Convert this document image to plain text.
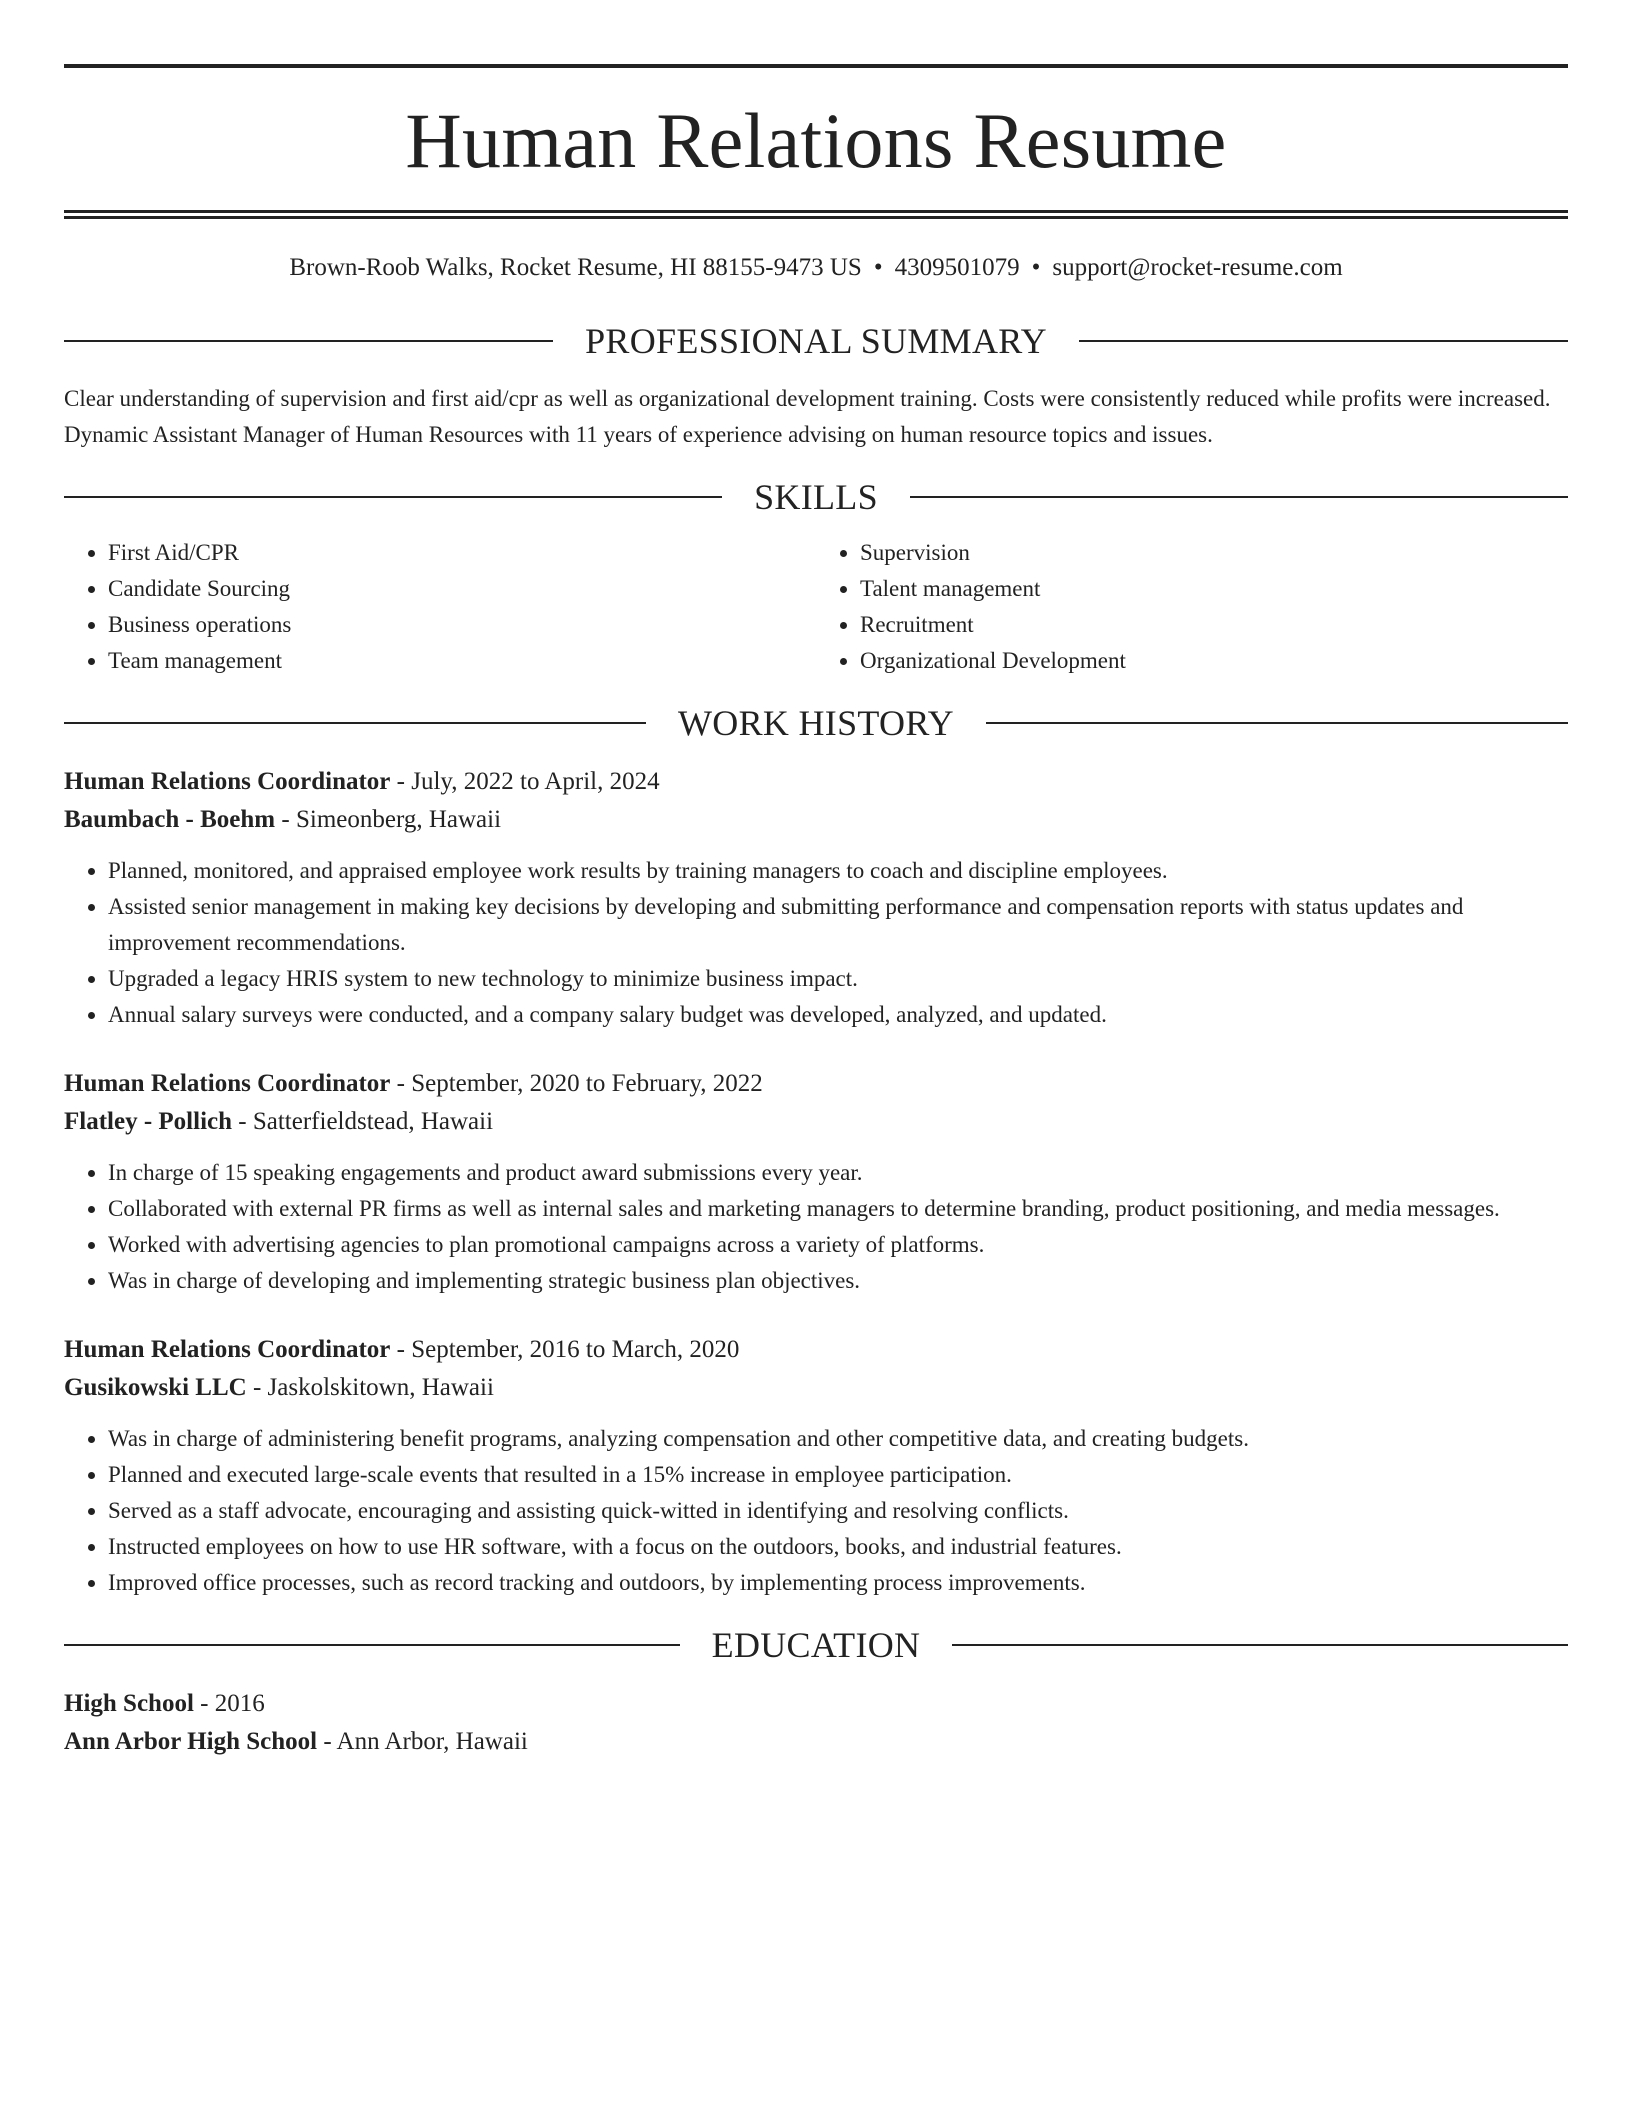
Human Relations Resume
Brown-Roob Walks, Rocket Resume, HI 88155-9473 US • 4309501079 • support@rocket-resume.com
PROFESSIONAL SUMMARY
Clear understanding of supervision and first aid/cpr as well as organizational development training. Costs were consistently reduced while profits were increased. Dynamic Assistant Manager of Human Resources with 11 years of experience advising on human resource topics and issues.
SKILLS
• First Aid/CPR
• Candidate Sourcing
• Business operations
• Team management
• Supervision
• Talent management
• Recruitment
• Organizational Development
WORK HISTORY
Human Relations Coordinator - July, 2022 to April, 2024
Baumbach - Boehm - Simeonberg, Hawaii
• Planned, monitored, and appraised employee work results by training managers to coach and discipline employees.
• Assisted senior management in making key decisions by developing and submitting performance and compensation reports with status updates and improvement recommendations.
• Upgraded a legacy HRIS system to new technology to minimize business impact.
• Annual salary surveys were conducted, and a company salary budget was developed, analyzed, and updated.
Human Relations Coordinator - September, 2020 to February, 2022
Flatley - Pollich - Satterfieldstead, Hawaii
• In charge of 15 speaking engagements and product award submissions every year.
• Collaborated with external PR firms as well as internal sales and marketing managers to determine branding, product positioning, and media messages.
• Worked with advertising agencies to plan promotional campaigns across a variety of platforms.
• Was in charge of developing and implementing strategic business plan objectives.
Human Relations Coordinator - September, 2016 to March, 2020
Gusikowski LLC - Jaskolskitown, Hawaii
• Was in charge of administering benefit programs, analyzing compensation and other competitive data, and creating budgets.
• Planned and executed large-scale events that resulted in a 15% increase in employee participation.
• Served as a staff advocate, encouraging and assisting quick-witted in identifying and resolving conflicts.
• Instructed employees on how to use HR software, with a focus on the outdoors, books, and industrial features.
• Improved office processes, such as record tracking and outdoors, by implementing process improvements.
EDUCATION
High School - 2016
Ann Arbor High School - Ann Arbor, Hawaii
